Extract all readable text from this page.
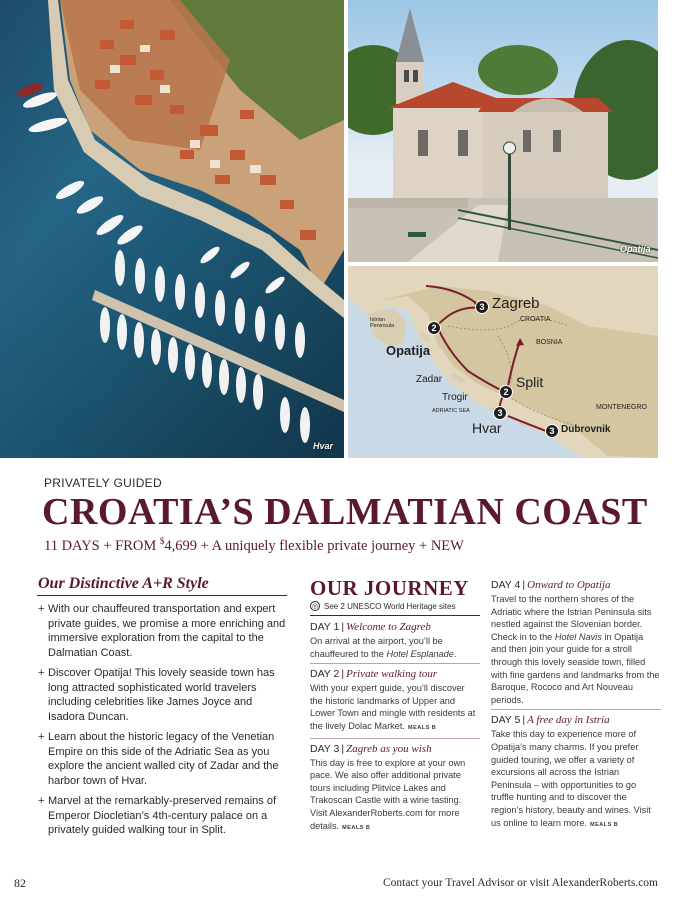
Hvar
Opatija
3 Zagreb
CROATIA
Istrian Peninsula	2
Opatija
BOSNIA
Zadar
2
Split
Trogir
MONTENEGRO
ADRIATIC SEA	3
Hvar	3 Dubrovnik
PRIVATELY GUIDED
CROATIA’S DALMATIAN COAST
11 DAYS + FROM $4,699 + A uniquely flexible private journey + NEW
Our Distinctive A+R Style
+ With our chauffeured transportation and expert private guides, we promise a more enriching and immersive exploration from the capital to the Dalmatian Coast.
+ Discover Opatija! This lovely seaside town has long attracted sophisticated world travelers including celebrities like James Joyce and Isadora Duncan.
+ Learn about the historic legacy of the Venetian Empire on this side of the Adriatic Sea as you explore the ancient walled city of Zadar and the harbor town of Hvar.
+ Marvel at the remarkably-preserved remains of Emperor Diocletian’s 4th-century palace on a privately guided walking tour in Split.
OUR JOURNEY
◎ See 2 UNESCO World Heritage sites
DAY 1 | Welcome to Zagreb

On arrival at the airport, you’ll be chauffeured to the Hotel Esplanade.

DAY 2 | Private walking tour

With your expert guide, you’ll discover the historic landmarks of Upper and Lower Town and mingle with residents at the lively Dolac Market. MEALS B

DAY 3 | Zagreb as you wish

This day is free to explore at your own pace. We also offer additional private tours including Plitvice Lakes and Trakoscan Castle with a wine tasting. Visit AlexanderRoberts.com for more details. MEALS B

DAY 4 | Onward to Opatija

Travel to the northern shores of the Adriatic where the Istrian Peninsula sits nestled against the Slovenian border. Check in to the Hotel Navis in Opatija and then join your guide for a stroll through this lovely seaside town, filled with fine gardens and landmarks from the Baroque, Rococo and Art Nouveau periods.

DAY 5 | A free day in Istria

Take this day to experience more of Opatija’s many charms. If you prefer guided touring, we offer a variety of excursions all across the Istrian Peninsula – with opportunities to go truffle hunting and to discover the region’s history, beauty and wines. Visit us online to learn more. MEALS B

82	Contact your Travel Advisor or visit AlexanderRoberts.com
